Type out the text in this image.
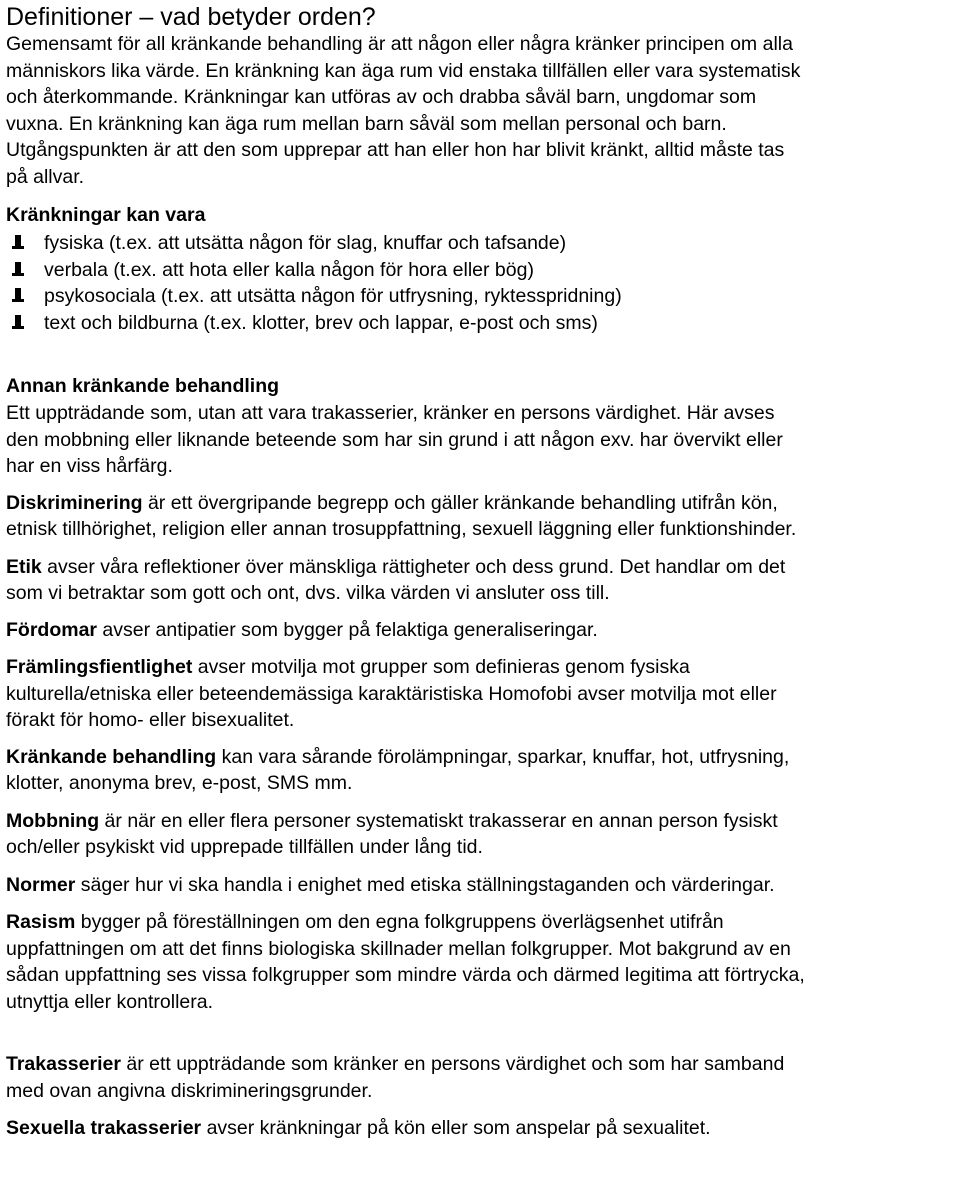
Definitioner – vad betyder orden?

Gemensamt för all kränkande behandling är att någon eller några kränker principen om alla
människors lika värde. En kränkning kan äga rum vid enstaka tillfällen eller vara systematisk
och återkommande. Kränkningar kan utföras av och drabba såväl barn, ungdomar som
vuxna. En kränkning kan äga rum mellan barn såväl som mellan personal och barn.
Utgångspunkten är att den som upprepar att han eller hon har blivit kränkt, alltid måste tas
på allvar.

Kränkningar kan vara
fysiska (t.ex. att utsätta någon för slag, knuffar och tafsande)
verbala (t.ex. att hota eller kalla någon för hora eller bög)
psykosociala (t.ex. att utsätta någon för utfrysning, ryktesspridning)
text och bildburna (t.ex. klotter, brev och lappar, e-post och sms)
Annan kränkande behandling

Ett uppträdande som, utan att vara trakasserier, kränker en persons värdighet. Här avses
den mobbning eller liknande beteende som har sin grund i att någon exv. har övervikt eller
har en viss hårfärg.

Diskriminering är ett övergripande begrepp och gäller kränkande behandling utifrån kön,
etnisk tillhörighet, religion eller annan trosuppfattning, sexuell läggning eller funktionshinder.

Etik avser våra reflektioner över mänskliga rättigheter och dess grund. Det handlar om det
som vi betraktar som gott och ont, dvs. vilka värden vi ansluter oss till.

Fördomar avser antipatier som bygger på felaktiga generaliseringar.

Främlingsfientlighet avser motvilja mot grupper som definieras genom fysiska
kulturella/etniska eller beteendemässiga karaktäristiska Homofobi avser motvilja mot eller
förakt för homo- eller bisexualitet.

Kränkande behandling kan vara sårande förolämpningar, sparkar, knuffar, hot, utfrysning,
klotter, anonyma brev, e-post, SMS mm.

Mobbning är när en eller flera personer systematiskt trakasserar en annan person fysiskt
och/eller psykiskt vid upprepade tillfällen under lång tid.

Normer säger hur vi ska handla i enighet med etiska ställningstaganden och värderingar.

Rasism bygger på föreställningen om den egna folkgruppens överlägsenhet utifrån
uppfattningen om att det finns biologiska skillnader mellan folkgrupper. Mot bakgrund av en
sådan uppfattning ses vissa folkgrupper som mindre värda och därmed legitima att förtrycka,
utnyttja eller kontrollera.

Trakasserier är ett uppträdande som kränker en persons värdighet och som har samband
med ovan angivna diskrimineringsgrunder.

Sexuella trakasserier avser kränkningar på kön eller som anspelar på sexualitet.
